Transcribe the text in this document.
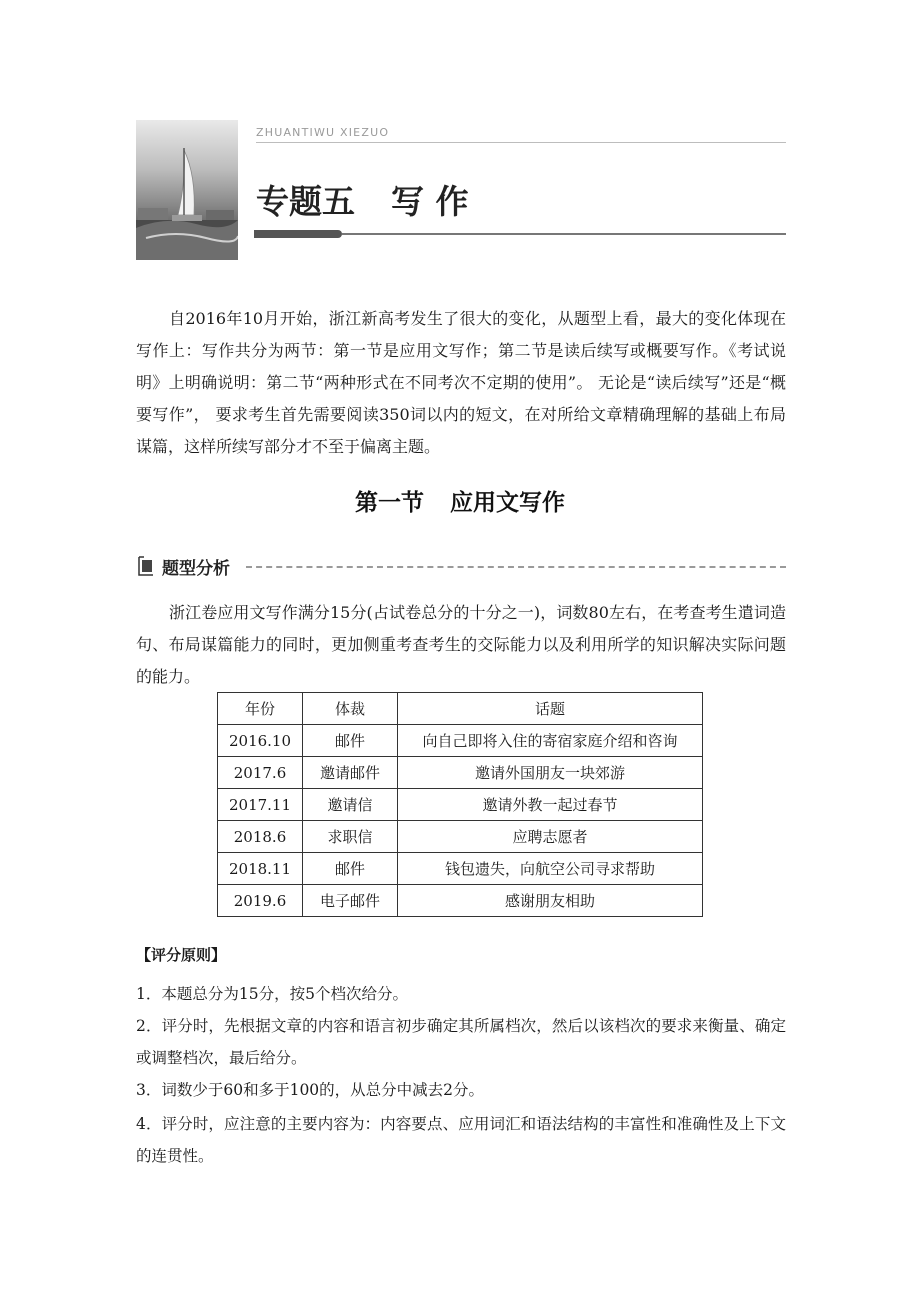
ZHUANTIWU XIEZUO
专题五 写 作
自2016年10月开始，浙江新高考发生了很大的变化，从题型上看，最大的变化体现在写作上：写作共分为两节：第一节是应用文写作；第二节是读后续写或概要写作。《考试说明》上明确说明：第二节“两种形式在不同考次不定期的使用”。 无论是“读后续写”还是“概要写作”， 要求考生首先需要阅读350词以内的短文，在对所给文章精确理解的基础上布局谋篇，这样所续写部分才不至于偏离主题。
第一节 应用文写作
题型分析
浙江卷应用文写作满分15分(占试卷总分的十分之一)，词数80左右，在考查考生遣词造句、布局谋篇能力的同时，更加侧重考查考生的交际能力以及利用所学的知识解决实际问题的能力。
年份	体裁	话题
2016.10	邮件	向自己即将入住的寄宿家庭介绍和咨询
2017.6	邀请邮件	邀请外国朋友一块郊游
2017.11	邀请信	邀请外教一起过春节
2018.6	求职信	应聘志愿者
2018.11	邮件	钱包遗失，向航空公司寻求帮助
2019.6	电子邮件	感谢朋友相助
【评分原则】
1．本题总分为15分，按5个档次给分。
2．评分时，先根据文章的内容和语言初步确定其所属档次，然后以该档次的要求来衡量、确定或调整档次，最后给分。
3．词数少于60和多于100的，从总分中减去2分。
4．评分时，应注意的主要内容为：内容要点、应用词汇和语法结构的丰富性和准确性及上下文的连贯性。
